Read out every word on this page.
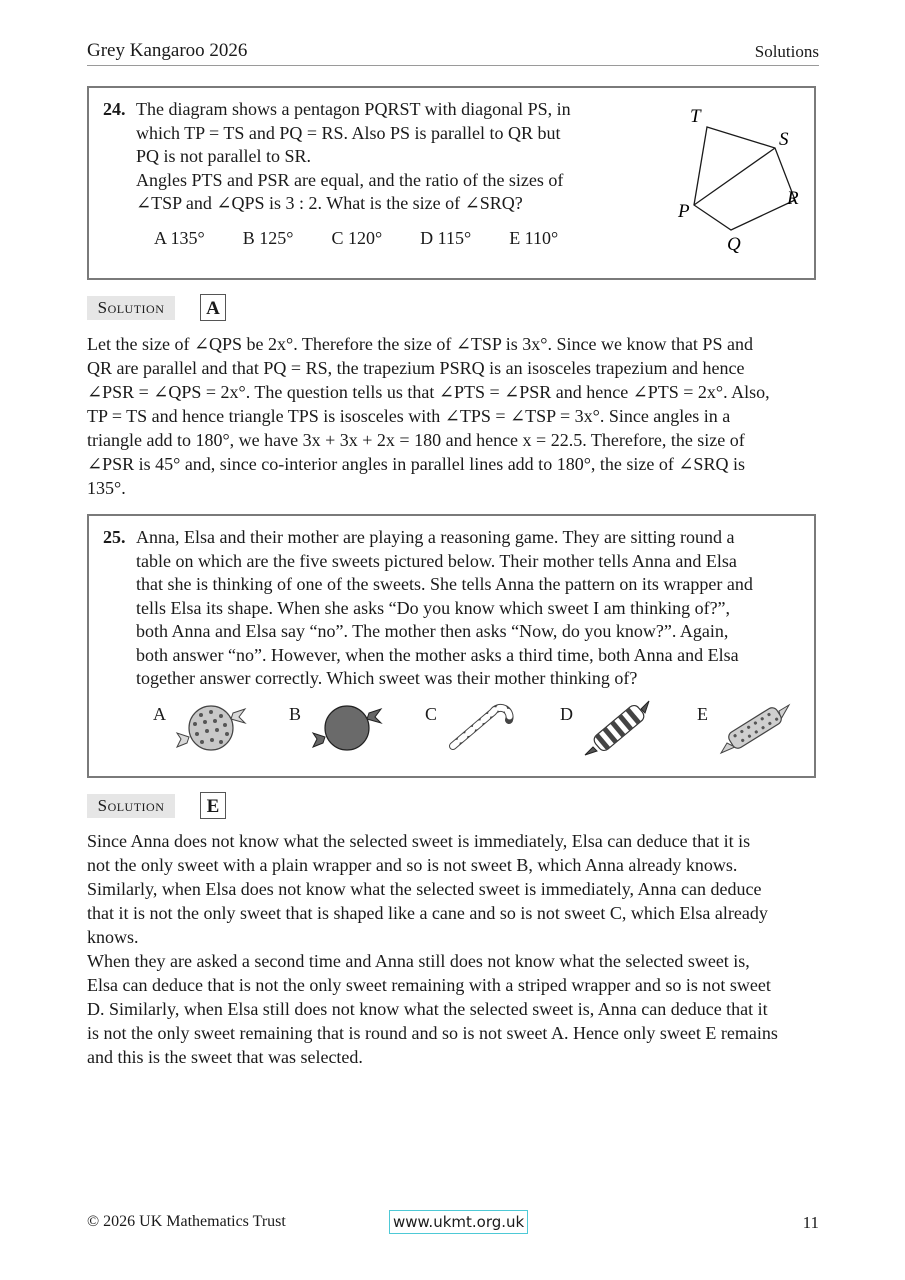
Grey Kangaroo 2026	Solutions
24. The diagram shows a pentagon PQRST with diagonal PS, in
which TP = TS and PQ = RS. Also PS is parallel to QR but
PQ is not parallel to SR.
Angles PTS and PSR are equal, and the ratio of the sizes of
∠TSP and ∠QPS is 3 : 2. What is the size of ∠SRQ?
A 135° B 125° C 120° D 115° E 110°
T
S
R
P
Q
Solution	A
Let the size of ∠QPS be 2x°. Therefore the size of ∠TSP is 3x°. Since we know that PS and
QR are parallel and that PQ = RS, the trapezium PSRQ is an isosceles trapezium and hence
∠PSR = ∠QPS = 2x°. The question tells us that ∠PTS = ∠PSR and hence ∠PTS = 2x°. Also,
TP = TS and hence triangle TPS is isosceles with ∠TPS = ∠TSP = 3x°. Since angles in a
triangle add to 180°, we have 3x + 3x + 2x = 180 and hence x = 22.5. Therefore, the size of
∠PSR is 45° and, since co-interior angles in parallel lines add to 180°, the size of ∠SRQ is
135°.
25. Anna, Elsa and their mother are playing a reasoning game. They are sitting round a
table on which are the five sweets pictured below. Their mother tells Anna and Elsa
that she is thinking of one of the sweets. She tells Anna the pattern on its wrapper and
tells Elsa its shape. When she asks “Do you know which sweet I am thinking of?”,
both Anna and Elsa say “no”. The mother then asks “Now, do you know?”. Again,
both answer “no”. However, when the mother asks a third time, both Anna and Elsa
together answer correctly. Which sweet was their mother thinking of?
A	B	C	D	E
Solution	E
Since Anna does not know what the selected sweet is immediately, Elsa can deduce that it is
not the only sweet with a plain wrapper and so is not sweet B, which Anna already knows.
Similarly, when Elsa does not know what the selected sweet is immediately, Anna can deduce
that it is not the only sweet that is shaped like a cane and so is not sweet C, which Elsa already
knows.
When they are asked a second time and Anna still does not know what the selected sweet is,
Elsa can deduce that is not the only sweet remaining with a striped wrapper and so is not sweet
D. Similarly, when Elsa still does not know what the selected sweet is, Anna can deduce that it
is not the only sweet remaining that is round and so is not sweet A. Hence only sweet E remains
and this is the sweet that was selected.
© 2026 UK Mathematics Trust	www.ukmt.org.uk	11
